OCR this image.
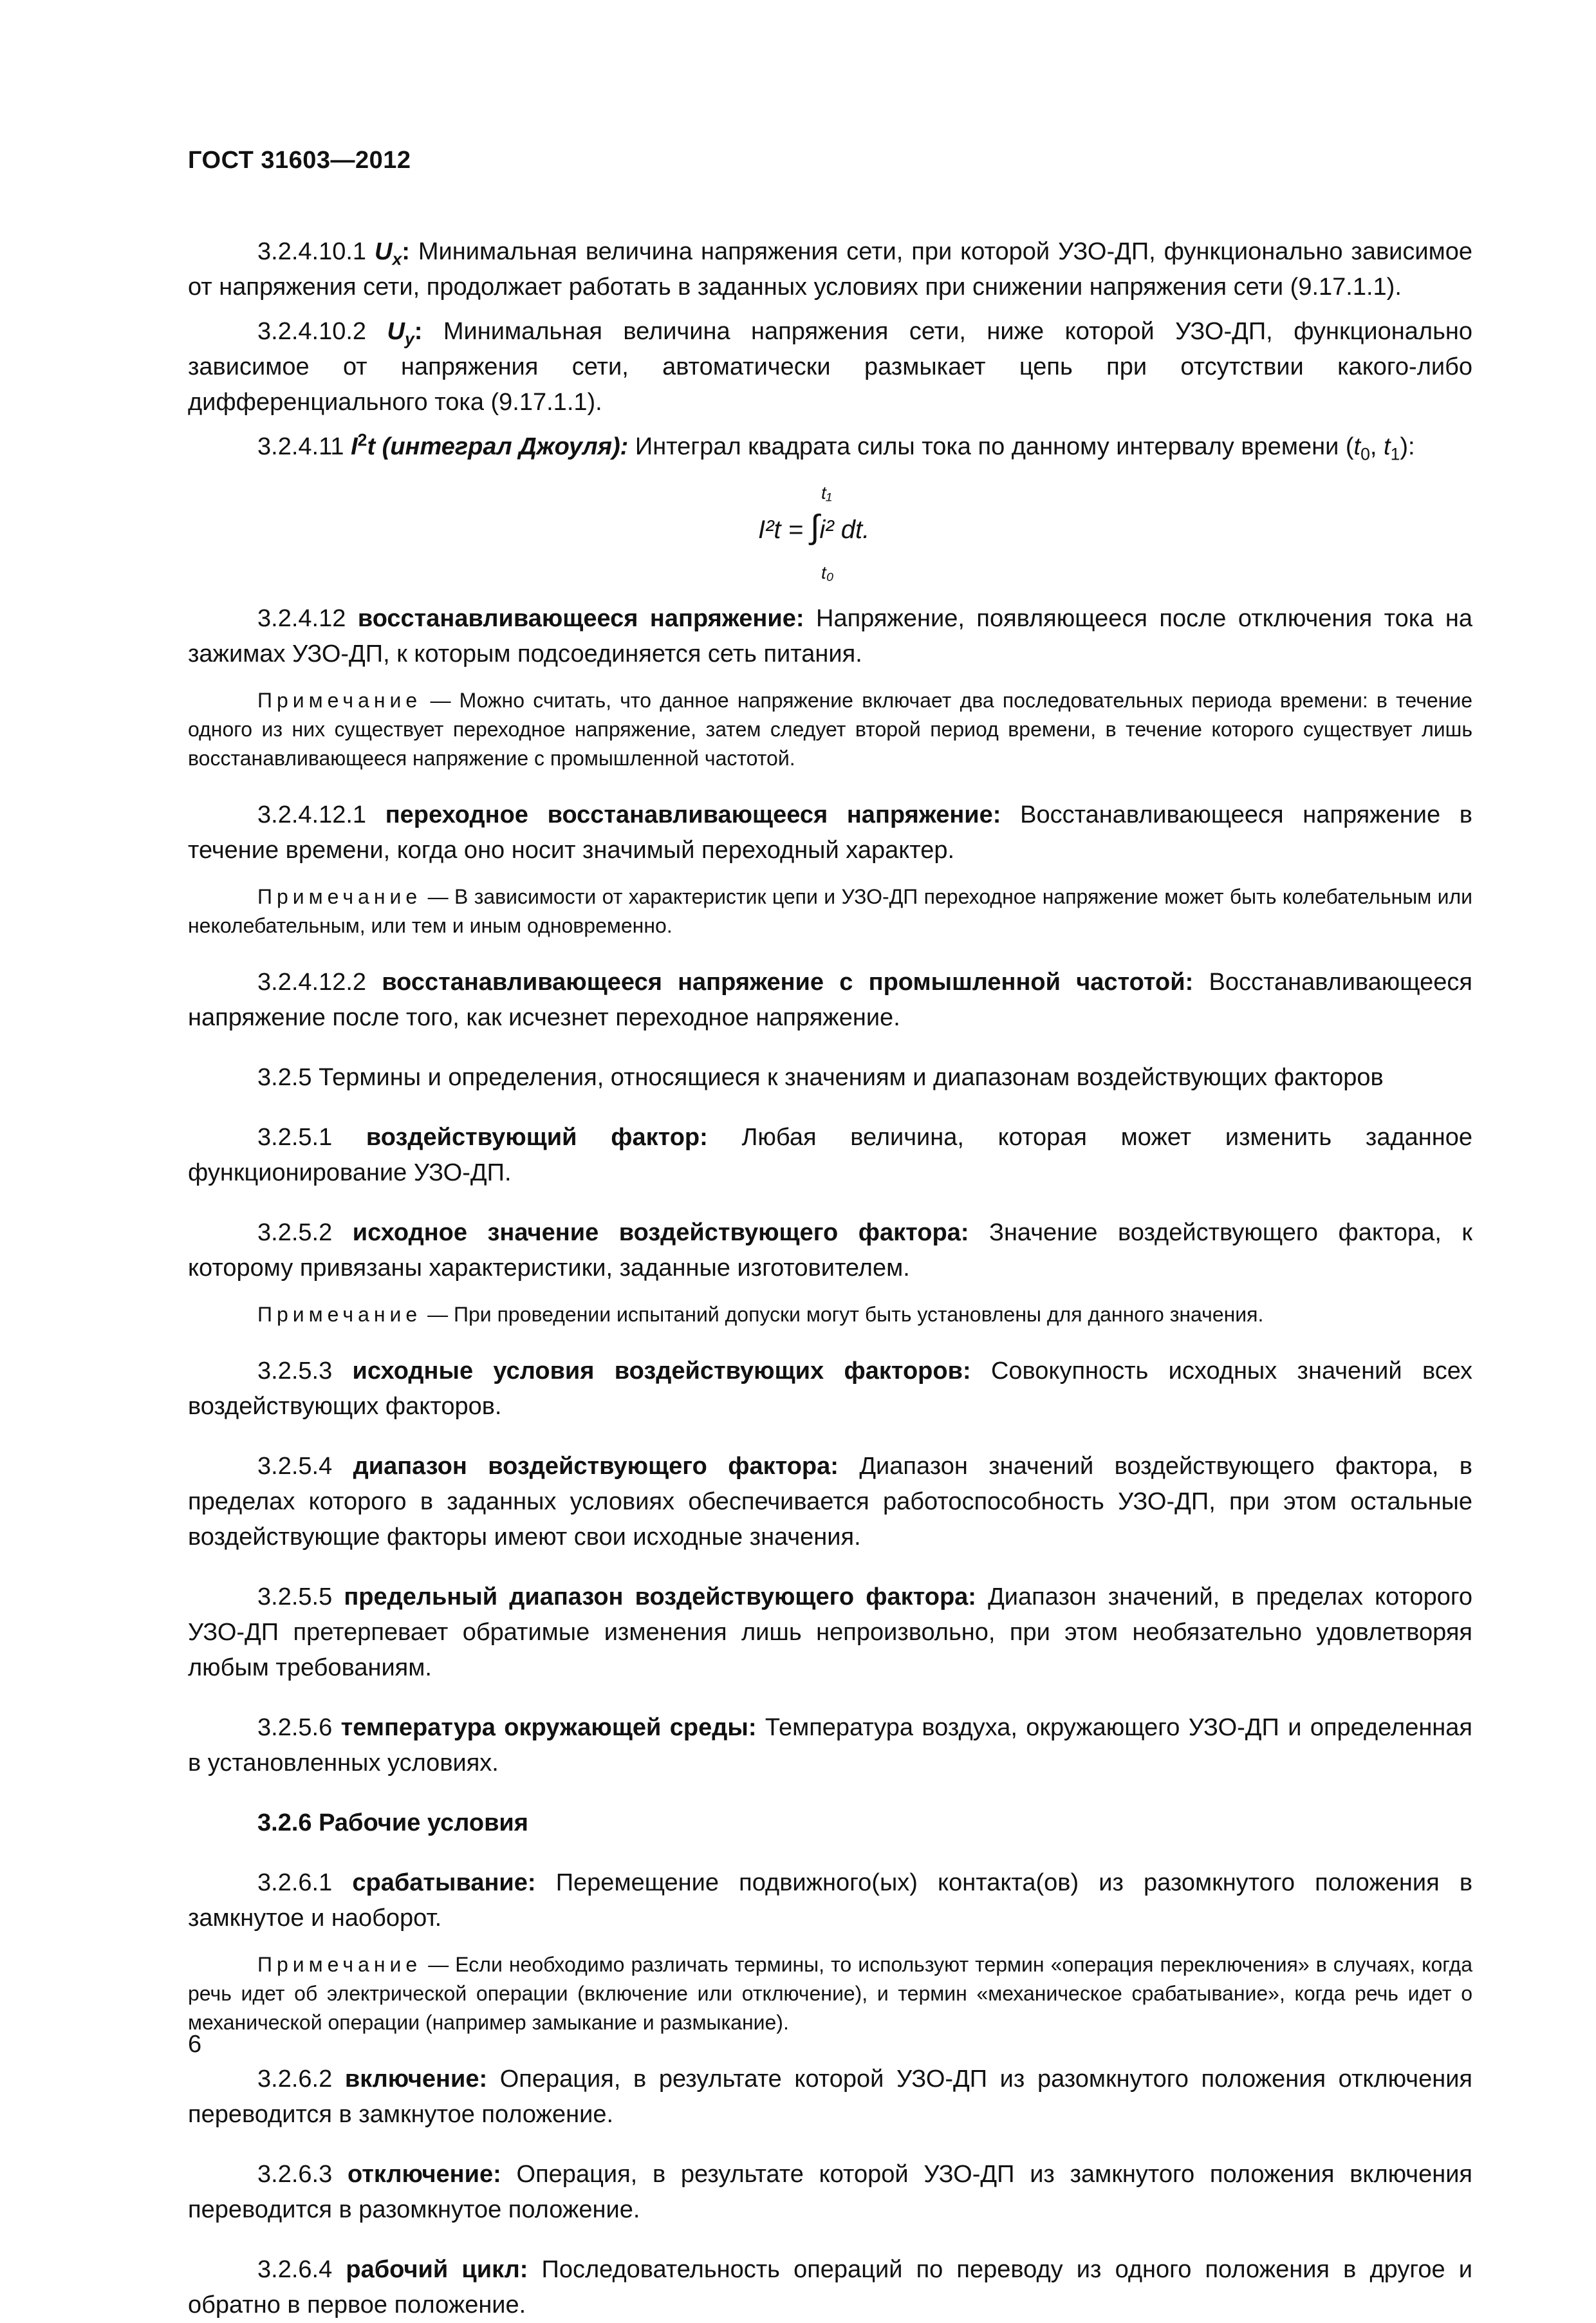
ГОСТ 31603—2012

3.2.4.10.1 $U_x$: Минимальная величина напряжения сети, при которой УЗО-ДП, функционально зависимое от напряжения сети, продолжает работать в заданных условиях при снижении напряжения сети (9.17.1.1).

3.2.4.10.2 $U_y$: Минимальная величина напряжения сети, ниже которой УЗО-ДП, функционально зависимое от напряжения сети, автоматически размыкает цепь при отсутствии какого-либо дифференциального тока (9.17.1.1).

3.2.4.11 $I^2t$ (интеграл Джоуля): Интеграл квадрата силы тока по данному интервалу времени ($t_0$, $t_1$):

t₁
I²t = ∫i² dt.
t₀

3.2.4.12 восстанавливающееся напряжение: Напряжение, появляющееся после отключения тока на зажимах УЗО-ДП, к которым подсоединяется сеть питания.

Примечание — Можно считать, что данное напряжение включает два последовательных периода времени: в течение одного из них существует переходное напряжение, затем следует второй период времени, в течение которого существует лишь восстанавливающееся напряжение с промышленной частотой.

3.2.4.12.1 переходное восстанавливающееся напряжение: Восстанавливающееся напряжение в течение времени, когда оно носит значимый переходный характер.

Примечание — В зависимости от характеристик цепи и УЗО-ДП переходное напряжение может быть колебательным или неколебательным, или тем и иным одновременно.

3.2.4.12.2 восстанавливающееся напряжение с промышленной частотой: Восстанавливающееся напряжение после того, как исчезнет переходное напряжение.

3.2.5 Термины и определения, относящиеся к значениям и диапазонам воздействующих факторов

3.2.5.1 воздействующий фактор: Любая величина, которая может изменить заданное функционирование УЗО-ДП.

3.2.5.2 исходное значение воздействующего фактора: Значение воздействующего фактора, к которому привязаны характеристики, заданные изготовителем.

Примечание — При проведении испытаний допуски могут быть установлены для данного значения.

3.2.5.3 исходные условия воздействующих факторов: Совокупность исходных значений всех воздействующих факторов.

3.2.5.4 диапазон воздействующего фактора: Диапазон значений воздействующего фактора, в пределах которого в заданных условиях обеспечивается работоспособность УЗО-ДП, при этом остальные воздействующие факторы имеют свои исходные значения.

3.2.5.5 предельный диапазон воздействующего фактора: Диапазон значений, в пределах которого УЗО-ДП претерпевает обратимые изменения лишь непроизвольно, при этом необязательно удовлетворяя любым требованиям.

3.2.5.6 температура окружающей среды: Температура воздуха, окружающего УЗО-ДП и определенная в установленных условиях.

3.2.6 Рабочие условия

3.2.6.1 срабатывание: Перемещение подвижного(ых) контакта(ов) из разомкнутого положения в замкнутое и наоборот.

Примечание — Если необходимо различать термины, то используют термин «операция переключения» в случаях, когда речь идет об электрической операции (включение или отключение), и термин «механическое срабатывание», когда речь идет о механической операции (например замыкание и размыкание).

3.2.6.2 включение: Операция, в результате которой УЗО-ДП из разомкнутого положения отключения переводится в замкнутое положение.

3.2.6.3 отключение: Операция, в результате которой УЗО-ДП из замкнутого положения включения переводится в разомкнутое положение.

3.2.6.4 рабочий цикл: Последовательность операций по переводу из одного положения в другое и обратно в первое положение.

6
